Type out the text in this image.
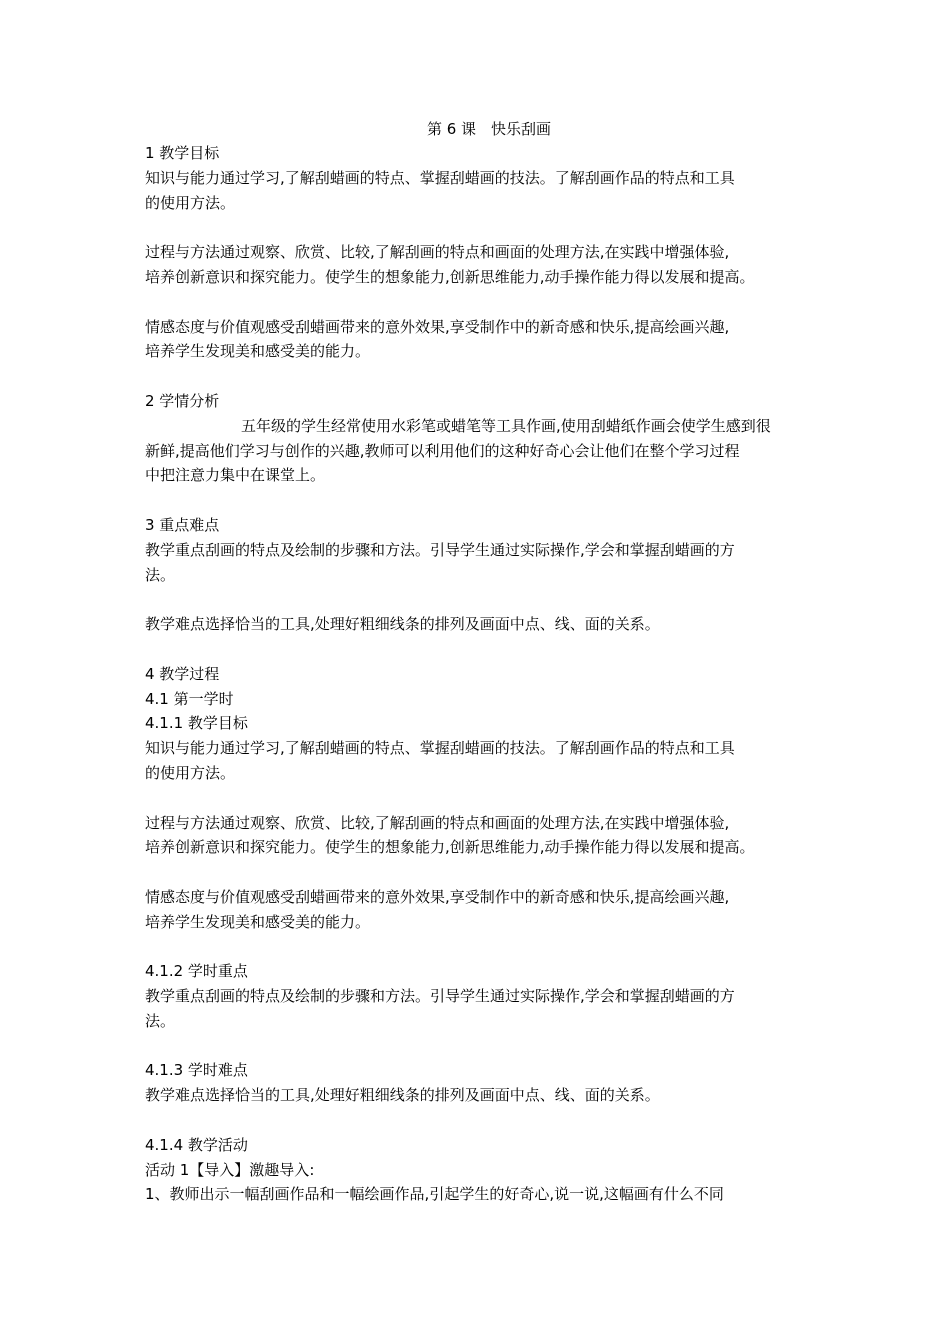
第 6 课　快乐刮画
1 教学目标
知识与能力通过学习,了解刮蜡画的特点、掌握刮蜡画的技法。了解刮画作品的特点和工具
的使用方法。
过程与方法通过观察、欣赏、比较,了解刮画的特点和画面的处理方法,在实践中增强体验,
培养创新意识和探究能力。使学生的想象能力,创新思维能力,动手操作能力得以发展和提高。
情感态度与价值观感受刮蜡画带来的意外效果,享受制作中的新奇感和快乐,提高绘画兴趣,
培养学生发现美和感受美的能力。
2 学情分析
五年级的学生经常使用水彩笔或蜡笔等工具作画,使用刮蜡纸作画会使学生感到很
新鲜,提高他们学习与创作的兴趣,教师可以利用他们的这种好奇心会让他们在整个学习过程
中把注意力集中在课堂上。
3 重点难点
教学重点刮画的特点及绘制的步骤和方法。引导学生通过实际操作,学会和掌握刮蜡画的方
法。
教学难点选择恰当的工具,处理好粗细线条的排列及画面中点、线、面的关系。
4 教学过程
4.1 第一学时
4.1.1 教学目标
知识与能力通过学习,了解刮蜡画的特点、掌握刮蜡画的技法。了解刮画作品的特点和工具
的使用方法。
过程与方法通过观察、欣赏、比较,了解刮画的特点和画面的处理方法,在实践中增强体验,
培养创新意识和探究能力。使学生的想象能力,创新思维能力,动手操作能力得以发展和提高。
情感态度与价值观感受刮蜡画带来的意外效果,享受制作中的新奇感和快乐,提高绘画兴趣,
培养学生发现美和感受美的能力。
4.1.2 学时重点
教学重点刮画的特点及绘制的步骤和方法。引导学生通过实际操作,学会和掌握刮蜡画的方
法。
4.1.3 学时难点
教学难点选择恰当的工具,处理好粗细线条的排列及画面中点、线、面的关系。
4.1.4 教学活动
活动 1【导入】激趣导入:
1、教师出示一幅刮画作品和一幅绘画作品,引起学生的好奇心,说一说,这幅画有什么不同
